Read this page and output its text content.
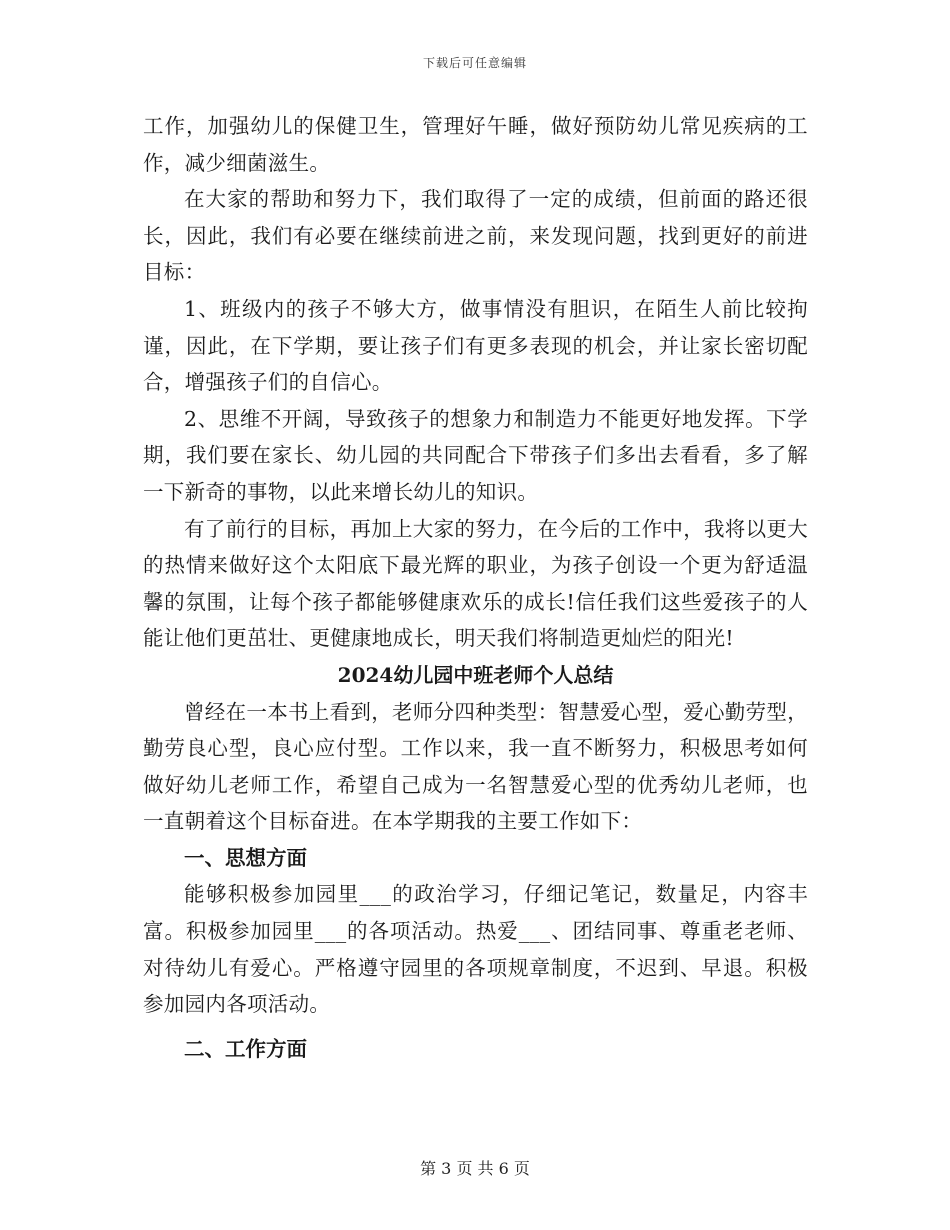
下载后可任意编辑

工作，加强幼儿的保健卫生，管理好午睡，做好预防幼儿常见疾病的工作，减少细菌滋生。

在大家的帮助和努力下，我们取得了一定的成绩，但前面的路还很长，因此，我们有必要在继续前进之前，来发现问题，找到更好的前进目标：

1、班级内的孩子不够大方，做事情没有胆识，在陌生人前比较拘谨，因此，在下学期，要让孩子们有更多表现的机会，并让家长密切配合，增强孩子们的自信心。

2、思维不开阔，导致孩子的想象力和制造力不能更好地发挥。下学期，我们要在家长、幼儿园的共同配合下带孩子们多出去看看，多了解一下新奇的事物，以此来增长幼儿的知识。

有了前行的目标，再加上大家的努力，在今后的工作中，我将以更大的热情来做好这个太阳底下最光辉的职业，为孩子创设一个更为舒适温馨的氛围，让每个孩子都能够健康欢乐的成长!信任我们这些爱孩子的人能让他们更茁壮、更健康地成长，明天我们将制造更灿烂的阳光!

2024幼儿园中班老师个人总结

曾经在一本书上看到，老师分四种类型：智慧爱心型，爱心勤劳型，勤劳良心型，良心应付型。工作以来，我一直不断努力，积极思考如何做好幼儿老师工作，希望自己成为一名智慧爱心型的优秀幼儿老师，也一直朝着这个目标奋进。在本学期我的主要工作如下：

一、思想方面

能够积极参加园里___的政治学习，仔细记笔记，数量足，内容丰富。积极参加园里___的各项活动。热爱___、团结同事、尊重老老师、对待幼儿有爱心。严格遵守园里的各项规章制度，不迟到、早退。积极参加园内各项活动。

二、工作方面

第 3 页 共 6 页
